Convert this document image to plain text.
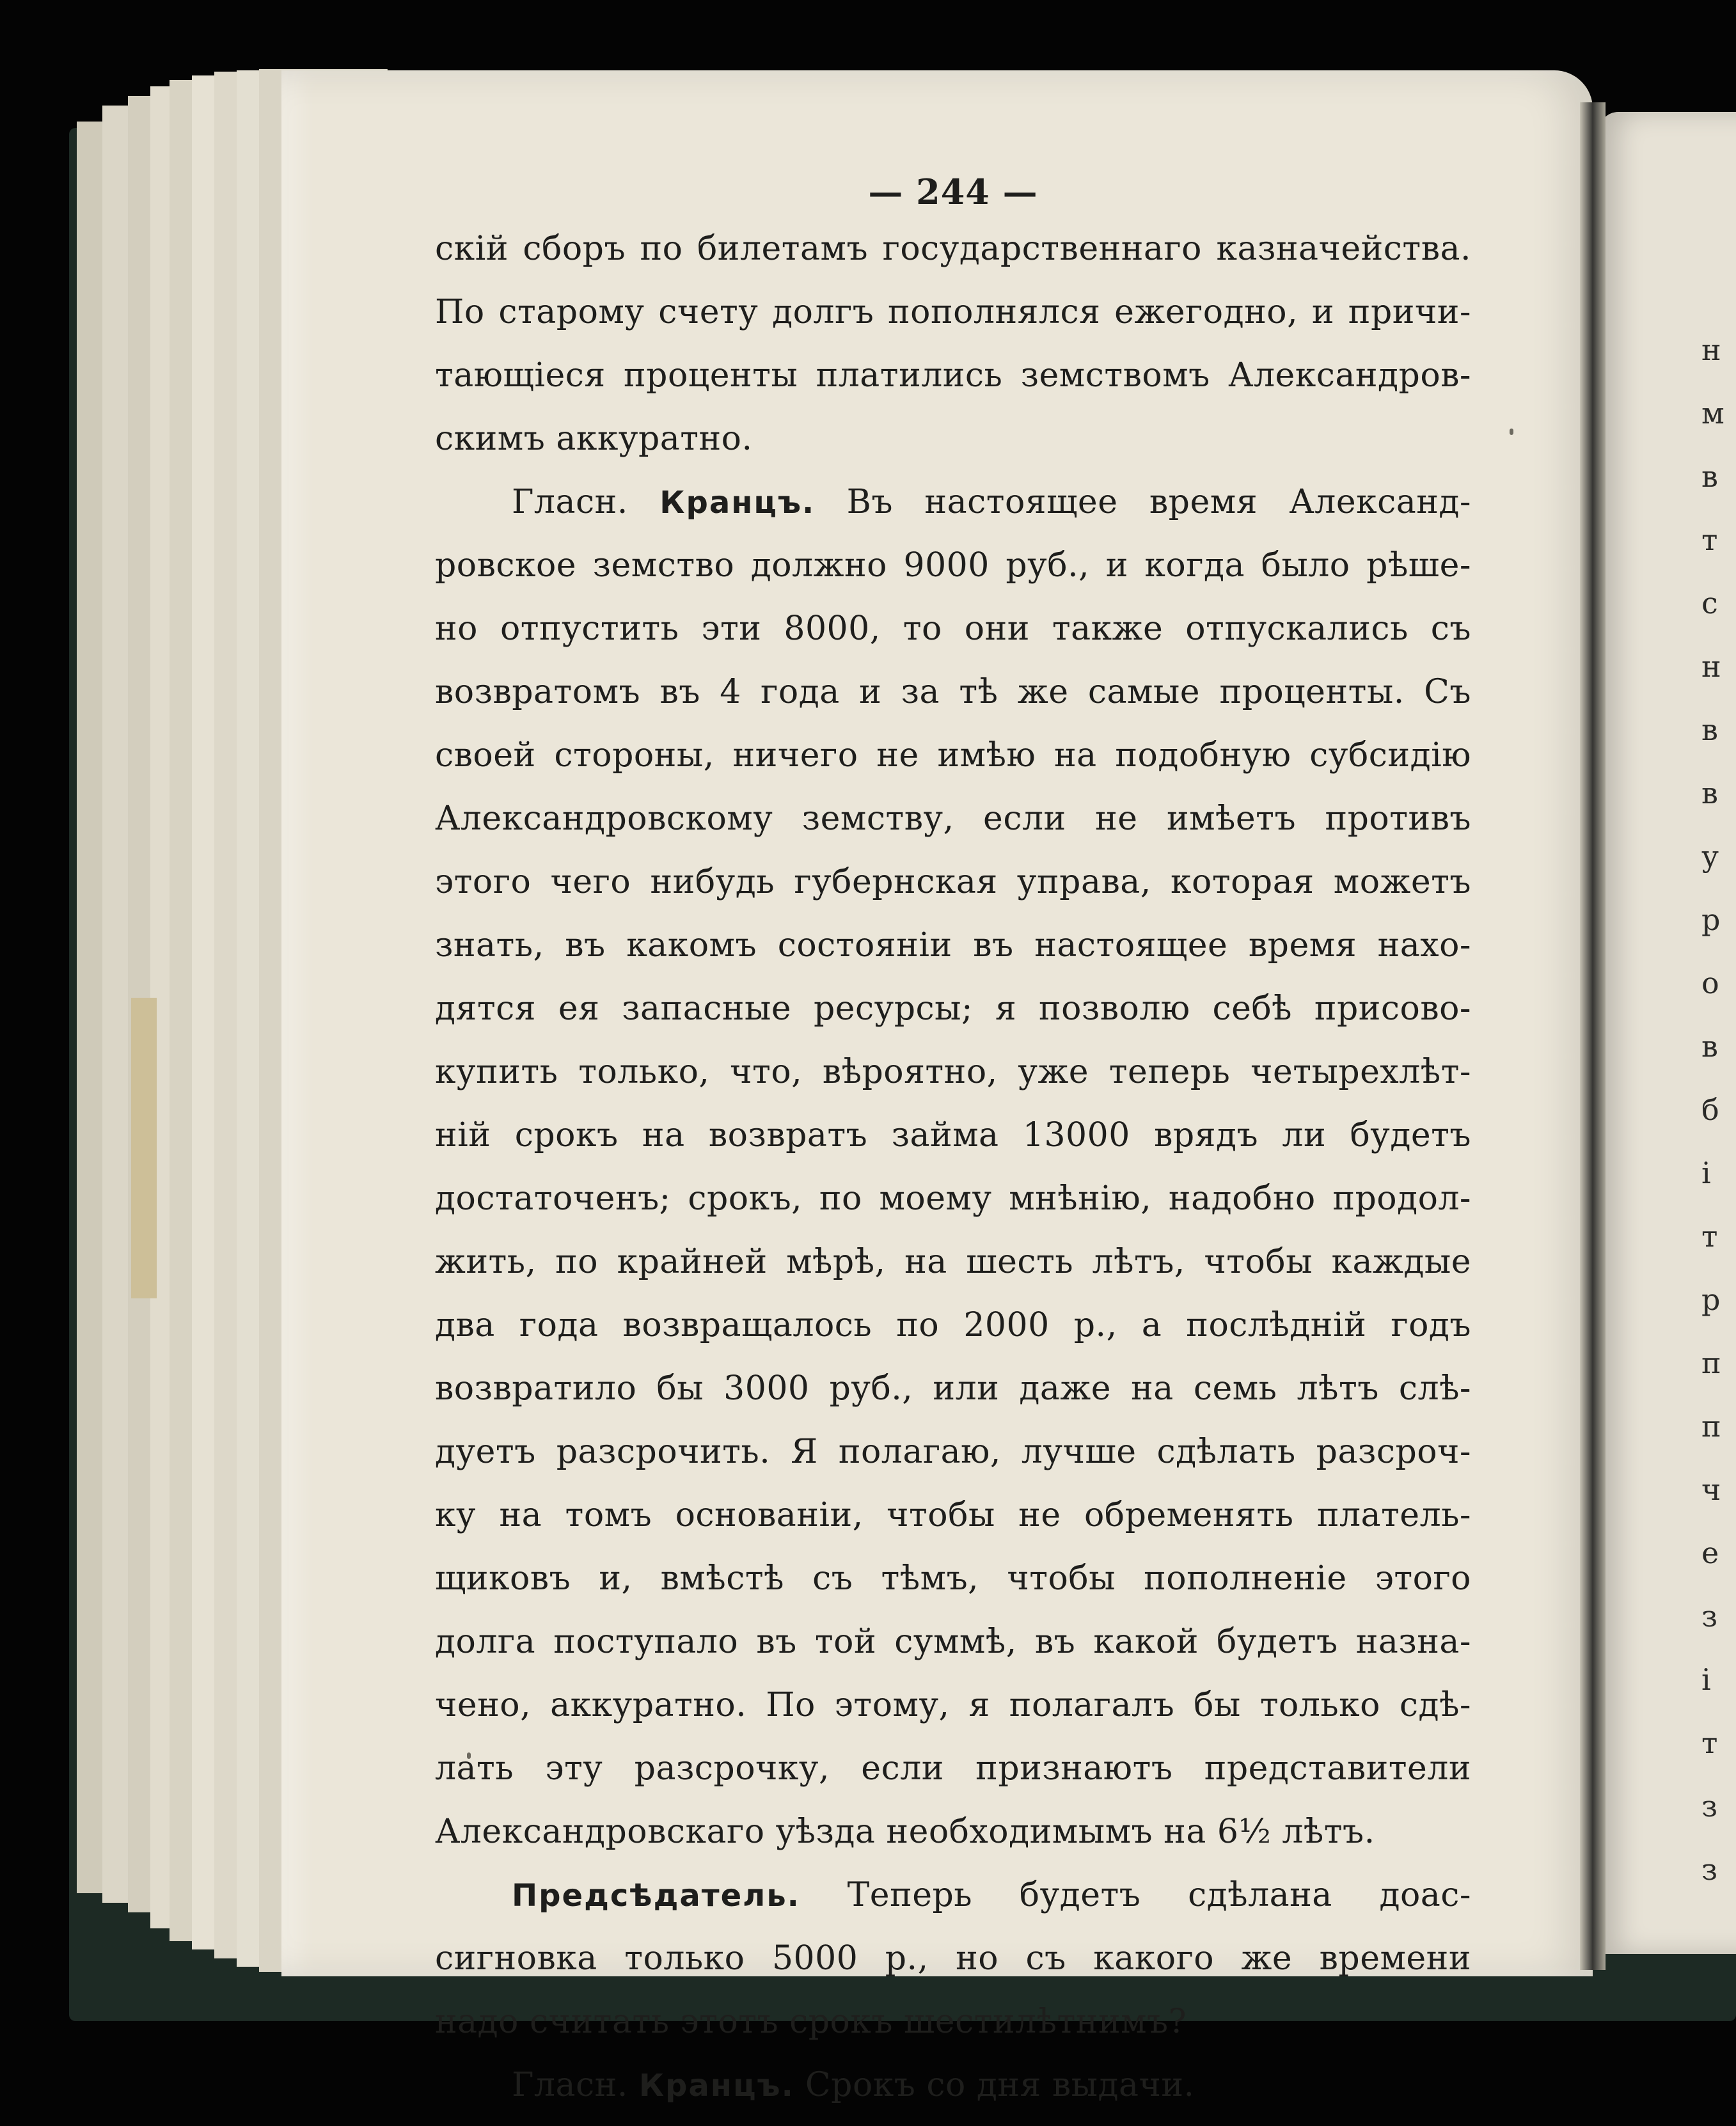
н
м
в
т
с
н
в
в
у
р
о
в
б
і
т
р
п
п
ч
е
з
і
т
з
з
— 244 —
скій сборъ по билетамъ государственнаго казначейства.
По старому счету долгъ пополнялся ежегодно, и причи-
тающіеся проценты платились земствомъ Александров-
скимъ аккуратно.
Гласн. Кранцъ. Въ настоящее время Александ-
ровское земство должно 9000 руб., и когда было рѣше-
но отпустить эти 8000, то они также отпускались съ
возвратомъ въ 4 года и за тѣ же самые проценты. Съ
своей стороны, ничего не имѣю на подобную субсидію
Александровскому земству, если не имѣетъ противъ
этого чего нибудь губернская управа, которая можетъ
знать, въ какомъ состояніи въ настоящее время нахо-
дятся ея запасные ресурсы; я позволю себѣ присово-
купить только, что, вѣроятно, уже теперь четырехлѣт-
ній срокъ на возвратъ займа 13000 врядъ ли будетъ
достаточенъ; срокъ, по моему мнѣнію, надобно продол-
жить, по крайней мѣрѣ, на шесть лѣтъ, чтобы каждые
два года возвращалось по 2000 р., а послѣдній годъ
возвратило бы 3000 руб., или даже на семь лѣтъ слѣ-
дуетъ разсрочить. Я полагаю, лучше сдѣлать разсроч-
ку на томъ основаніи, чтобы не обременять платель-
щиковъ и, вмѣстѣ съ тѣмъ, чтобы пополненіе этого
долга поступало въ той суммѣ, въ какой будетъ назна-
чено, аккуратно. По этому, я полагалъ бы только сдѣ-
лать эту разсрочку, если признаютъ представители
Александровскаго уѣзда необходимымъ на 6½ лѣтъ.
Предсѣдатель. Теперь будетъ сдѣлана доас-
сигновка только 5000 р., но съ какого же времени
надо считать этотъ срокъ шестилѣтнимъ?
Гласн. Кранцъ. Срокъ со дня выдачи.
